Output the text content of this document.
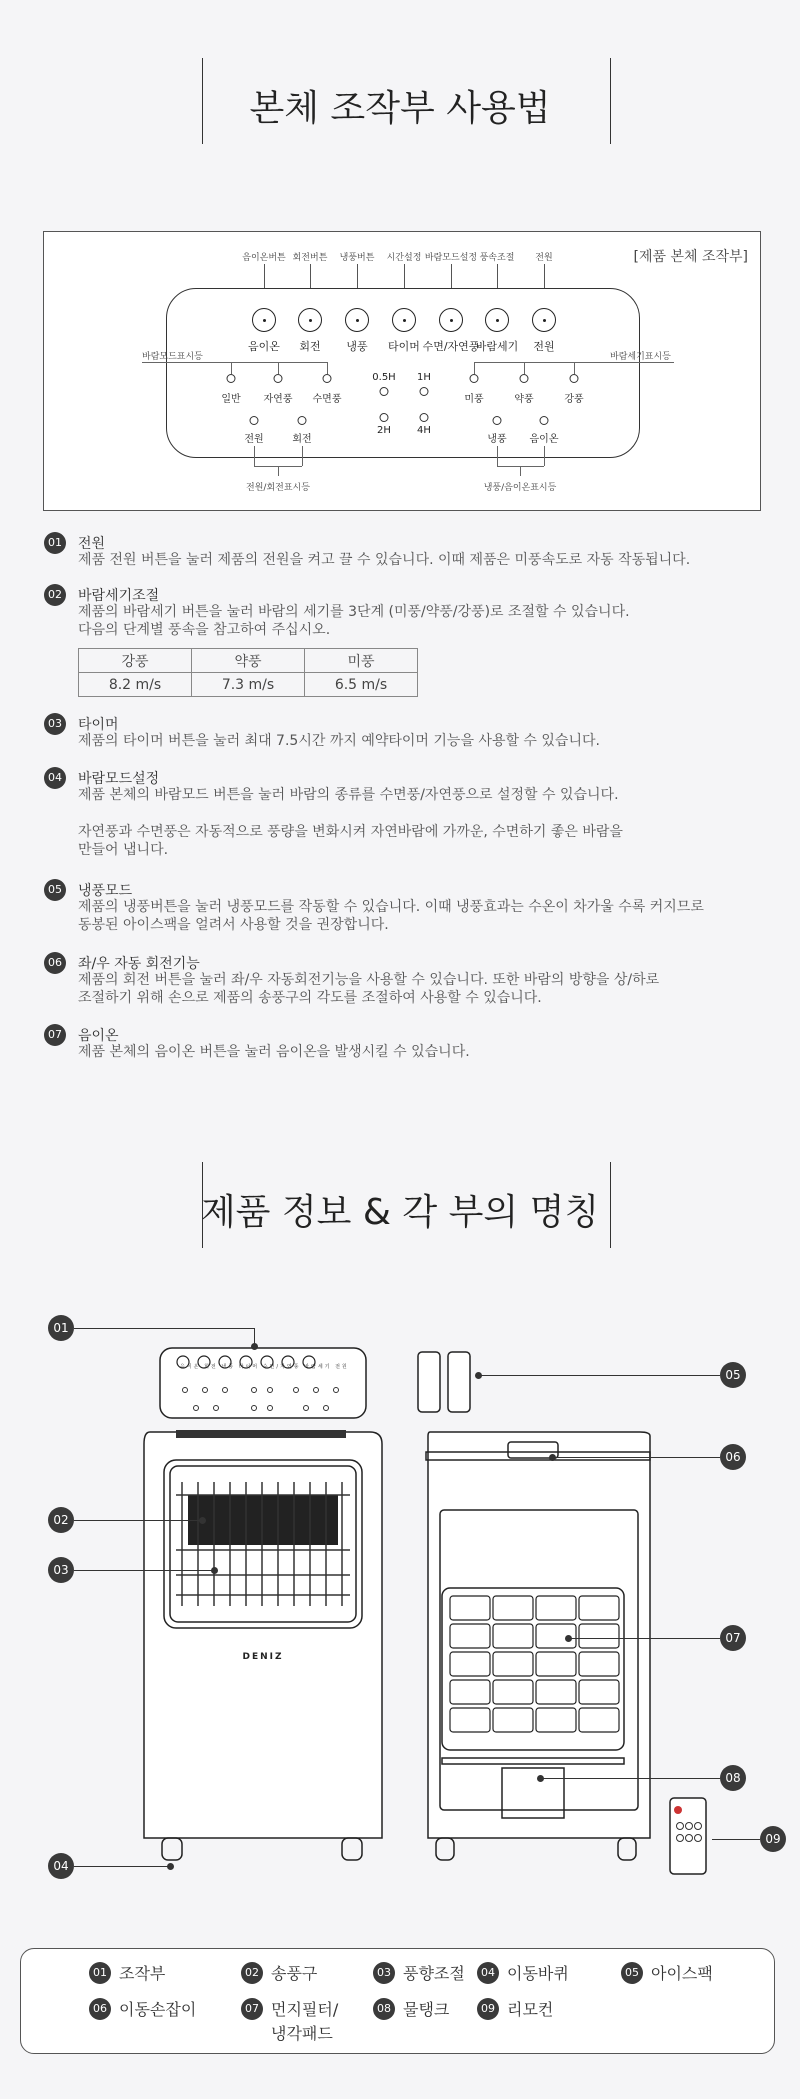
본체 조작부 사용법
[제품 본체 조작부]
음이온버튼 회전버튼 냉풍버튼 시간설정 바람모드설정 풍속조절 전원
음이온 회전 냉풍 타이머 수면/자연풍
바람세기 전원
바람모드표시등	바람세기표시등
일반 자연풍 수면풍
0.5H 1H
2H	4H
미풍	약풍	강풍
전원	회전	냉풍 음이온
전원/회전표시등	냉풍/음이온표시등
01 전원
제품 전원 버튼을 눌러 제품의 전원을 켜고 끌 수 있습니다. 이때 제품은 미풍속도로 자동 작동됩니다.
02 바람세기조절
제품의 바람세기 버튼을 눌러 바람의 세기를 3단계 (미풍/약풍/강풍)로 조절할 수 있습니다.
다음의 단계별 풍속을 참고하여 주십시오.
강풍	약풍	미풍
8.2 m/s	7.3 m/s	6.5 m/s
03 타이머
제품의 타이머 버튼을 눌러 최대 7.5시간 까지 예약타이머 기능을 사용할 수 있습니다.
04 바람모드설정
제품 본체의 바람모드 버튼을 눌러 바람의 종류를 수면풍/자연풍으로 설정할 수 있습니다.
자연풍과 수면풍은 자동적으로 풍량을 변화시켜 자연바람에 가까운, 수면하기 좋은 바람을
만들어 냅니다.
05 냉풍모드
제품의 냉풍버튼을 눌러 냉풍모드를 작동할 수 있습니다. 이때 냉풍효과는 수온이 차가울 수록 커지므로
동봉된 아이스팩을 얼려서 사용할 것을 권장합니다.
06 좌/우 자동 회전기능
제품의 회전 버튼을 눌러 좌/우 자동회전기능을 사용할 수 있습니다. 또한 바람의 방향을 상/하로
조절하기 위해 손으로 제품의 송풍구의 각도를 조절하여 사용할 수 있습니다.
07 음이온
제품 본체의 음이온 버튼을 눌러 음이온을 발생시킬 수 있습니다.
제품 정보 & 각 부의 명칭
음이온 회전 냉풍 타이머 수면/자연풍 바람세기 전원
DENIZ
01
02
03
04
05
06
07
08
09
01 조작부	02 송풍구	03 풍향조절	04 이동바퀴	05 아이스팩
06 이동손잡이	07 먼지필터/
냉각패드
08 물탱크	09 리모컨
